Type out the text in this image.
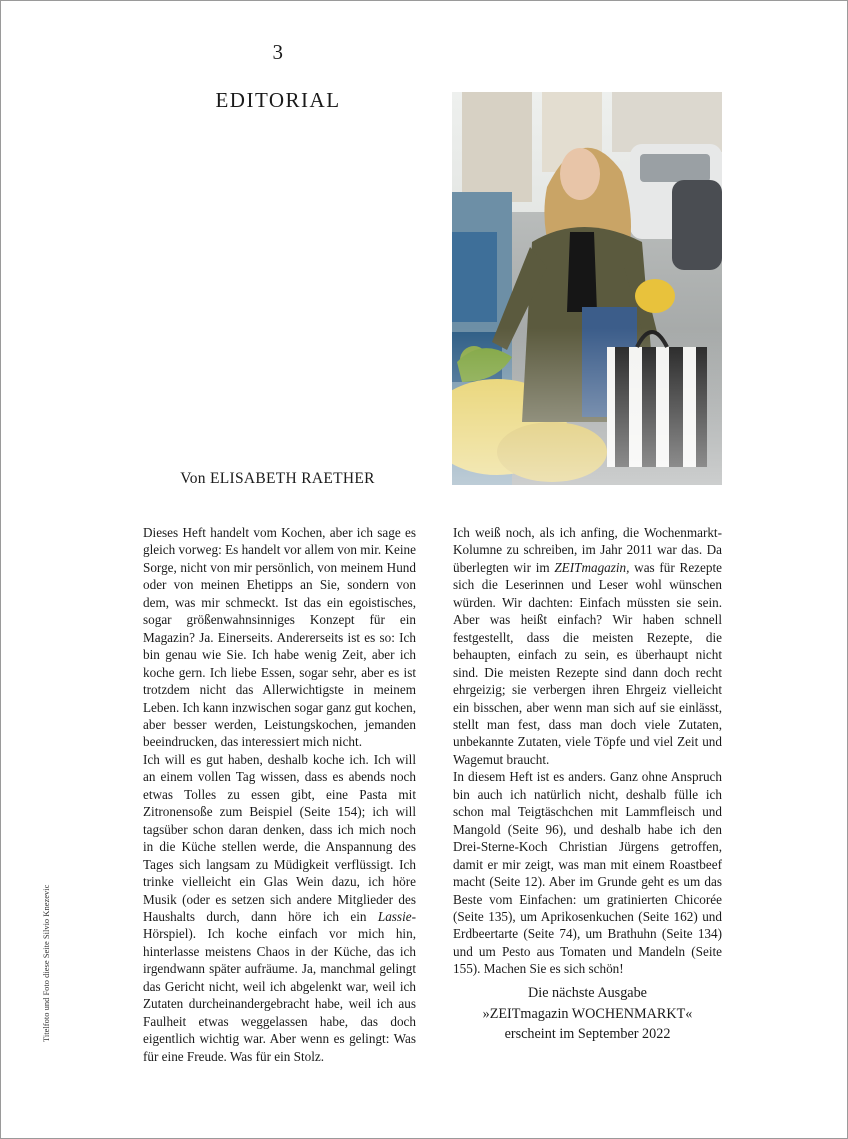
3
EDITORIAL
Von ELISABETH RAETHER

Dieses Heft handelt vom Kochen, aber ich sage es gleich vorweg: Es handelt vor allem von mir. Keine Sorge, nicht von mir persönlich, von meinem Hund oder von meinen Ehetipps an Sie, sondern von dem, was mir schmeckt. Ist das ein egoistisches, sogar größenwahnsinniges Konzept für ein Magazin? Ja. Einerseits. Andererseits ist es so: Ich bin genau wie Sie. Ich habe wenig Zeit, aber ich koche gern. Ich liebe Essen, sogar sehr, aber es ist trotzdem nicht das Allerwichtigste in meinem Leben. Ich kann inzwischen sogar ganz gut kochen, aber besser werden, Leistungskochen, jemanden beeindrucken, das interessiert mich nicht.

Ich will es gut haben, deshalb koche ich. Ich will an einem vollen Tag wissen, dass es abends noch etwas Tolles zu essen gibt, eine Pasta mit Zitronensoße zum Beispiel (Seite 154); ich will tagsüber schon daran denken, dass ich mich noch in die Küche stellen werde, die Anspannung des Tages sich langsam zu Müdigkeit verflüssigt. Ich trinke vielleicht ein Glas Wein dazu, ich höre Musik (oder es setzen sich andere Mitglieder des Haushalts durch, dann höre ich ein Lassie-Hörspiel). Ich koche einfach vor mich hin, hinterlasse meistens Chaos in der Küche, das ich irgendwann später aufräume. Ja, manchmal gelingt das Gericht nicht, weil ich abgelenkt war, weil ich Zutaten durcheinandergebracht habe, weil ich aus Faulheit etwas weggelassen habe, das doch eigentlich wichtig war. Aber wenn es gelingt: Was für eine Freude. Was für ein Stolz.

Ich weiß noch, als ich anfing, die Wochenmarkt-Kolumne zu schreiben, im Jahr 2011 war das. Da überlegten wir im ZEITmagazin, was für Rezepte sich die Leserinnen und Leser wohl wünschen würden. Wir dachten: Einfach müssten sie sein. Aber was heißt einfach? Wir haben schnell festgestellt, dass die meisten Rezepte, die behaupten, einfach zu sein, es überhaupt nicht sind. Die meisten Rezepte sind dann doch recht ehrgeizig; sie verbergen ihren Ehrgeiz vielleicht ein bisschen, aber wenn man sich auf sie einlässt, stellt man fest, dass man doch viele Zutaten, unbekannte Zutaten, viele Töpfe und viel Zeit und Wagemut braucht.

In diesem Heft ist es anders. Ganz ohne Anspruch bin auch ich natürlich nicht, deshalb fülle ich schon mal Teigtäschchen mit Lammfleisch und Mangold (Seite 96), und deshalb habe ich den Drei-Sterne-Koch Christian Jürgens getroffen, damit er mir zeigt, was man mit einem Roastbeef macht (Seite 12). Aber im Grunde geht es um das Beste vom Einfachen: um gratinierten Chicorée (Seite 135), um Aprikosenkuchen (Seite 162) und Erdbeertarte (Seite 74), um Brathuhn (Seite 134) und um Pesto aus Tomaten und Mandeln (Seite 155). Machen Sie es sich schön!

Die nächste Ausgabe
»ZEITmagazin WOCHENMARKT«
erscheint im September 2022
Titelfoto und Foto diese Seite Silvio Knezevic
